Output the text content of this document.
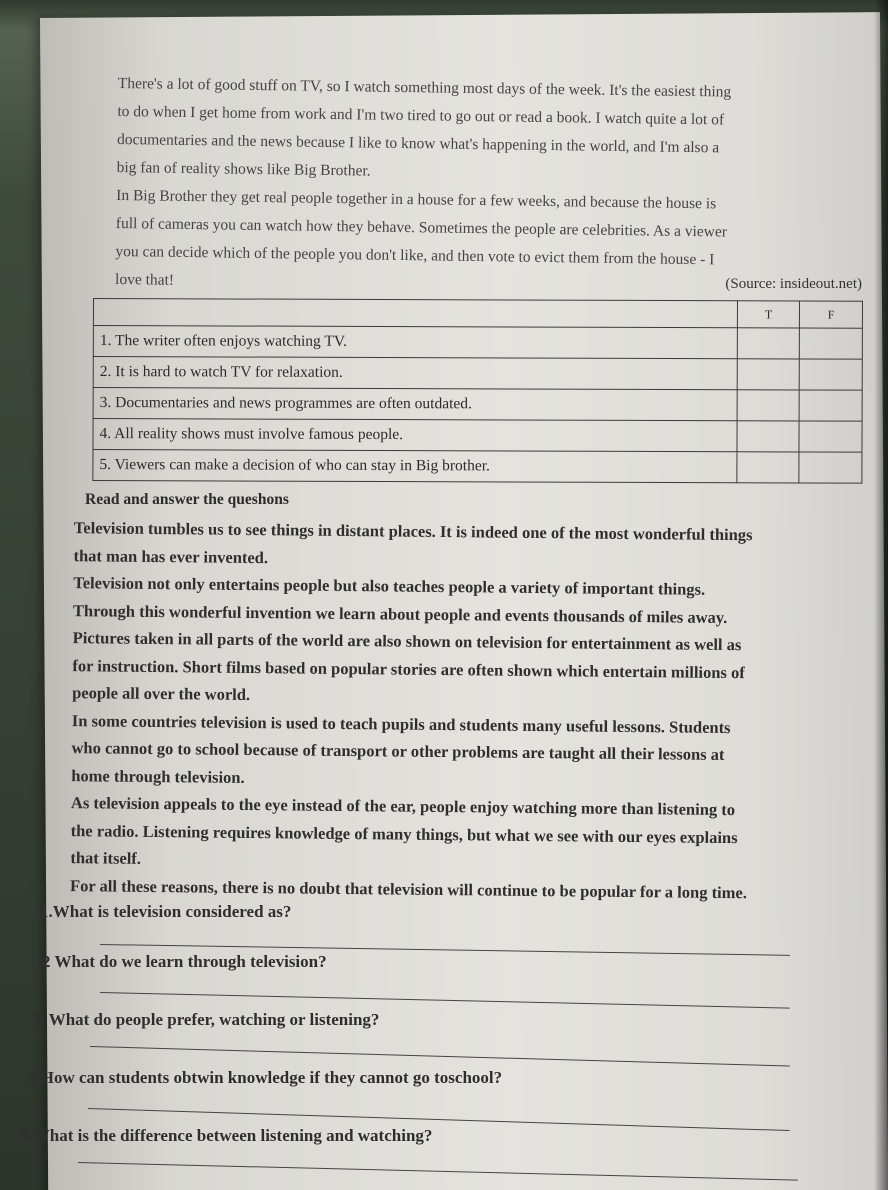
There's a lot of good stuff on TV, so I watch something most days of the week. It's the easiest thing

to do when I get home from work and I'm two tired to go out or read a book. I watch quite a lot of

documentaries and the news because I like to know what's happening in the world, and I'm also a

big fan of reality shows like Big Brother.

In Big Brother they get real people together in a house for a few weeks, and because the house is

full of cameras you can watch how they behave. Sometimes the people are celebrities. As a viewer

you can decide which of the people you don't like, and then vote to evict them from the house - I

love that!	(Source: insideout.net)
	T	F
1. The writer often enjoys watching TV.		
2. It is hard to watch TV for relaxation.		
3. Documentaries and news programmes are often outdated.		
4. All reality shows must involve famous people.		
5. Viewers can make a decision of who can stay in Big brother.		
Read and answer the queshons

Television tumbles us to see things in distant places. It is indeed one of the most wonderful things

that man has ever invented.

Television not only entertains people but also teaches people a variety of important things.

Through this wonderful invention we learn about people and events thousands of miles away.

Pictures taken in all parts of the world are also shown on television for entertainment as well as

for instruction. Short films based on popular stories are often shown which entertain millions of

people all over the world.

In some countries television is used to teach pupils and students many useful lessons. Students

who cannot go to school because of transport or other problems are taught all their lessons at

home through television.

As television appeals to the eye instead of the ear, people enjoy watching more than listening to

the radio. Listening requires knowledge of many things, but what we see with our eyes explains

that itself.

For all these reasons, there is no doubt that television will continue to be popular for a long time.

1.What is television considered as?
2 What do we learn through television?
3. What do people prefer, watching or listening?
4 How can students obtwin knowledge if they cannot go toschool?
5.What is the difference between listening and watching?
